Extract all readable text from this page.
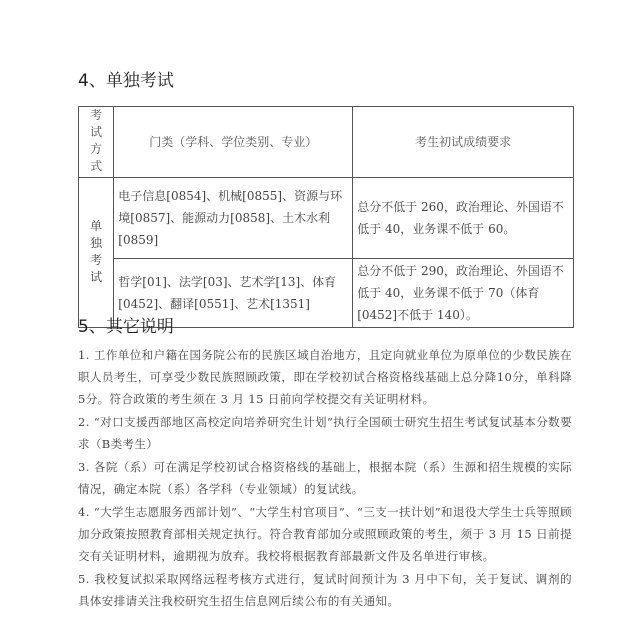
4、单独考试
考试方式	门类（学科、学位类别、专业）	考生初试成绩要求
单独考试	电子信息[0854]、机械[0855]、资源与环境[0857]、能源动力[0858]、土木水利[0859]	总分不低于 260，政治理论、外国语不低于 40，业务课不低于 60。
	哲学[01]、法学[03]、艺术学[13]、体育[0452]、翻译[0551]、艺术[1351]	总分不低于 290，政治理论、外国语不低于 40，业务课不低于 70（体育[0452]不低于 140）。
5、其它说明

1. 工作单位和户籍在国务院公布的民族区域自治地方，且定向就业单位为原单位的少数民族在职人员考生，可享受少数民族照顾政策，即在学校初试合格资格线基础上总分降10分，单科降5分。符合政策的考生须在 3 月 15 日前向学校提交有关证明材料。

2. “对口支援西部地区高校定向培养研究生计划”执行全国硕士研究生招生考试复试基本分数要求（B类考生）

3. 各院（系）可在满足学校初试合格资格线的基础上，根据本院（系）生源和招生规模的实际情况，确定本院（系）各学科（专业领域）的复试线。

4. “大学生志愿服务西部计划”、“大学生村官项目”、“三支一扶计划”和退役大学生士兵等照顾加分政策按照教育部相关规定执行。符合教育部加分或照顾政策的考生，须于 3 月 15 日前提交有关证明材料，逾期视为放弃。我校将根据教育部最新文件及名单进行审核。

5. 我校复试拟采取网络远程考核方式进行，复试时间预计为 3 月中下旬，关于复试、调剂的具体安排请关注我校研究生招生信息网后续公布的有关通知。
